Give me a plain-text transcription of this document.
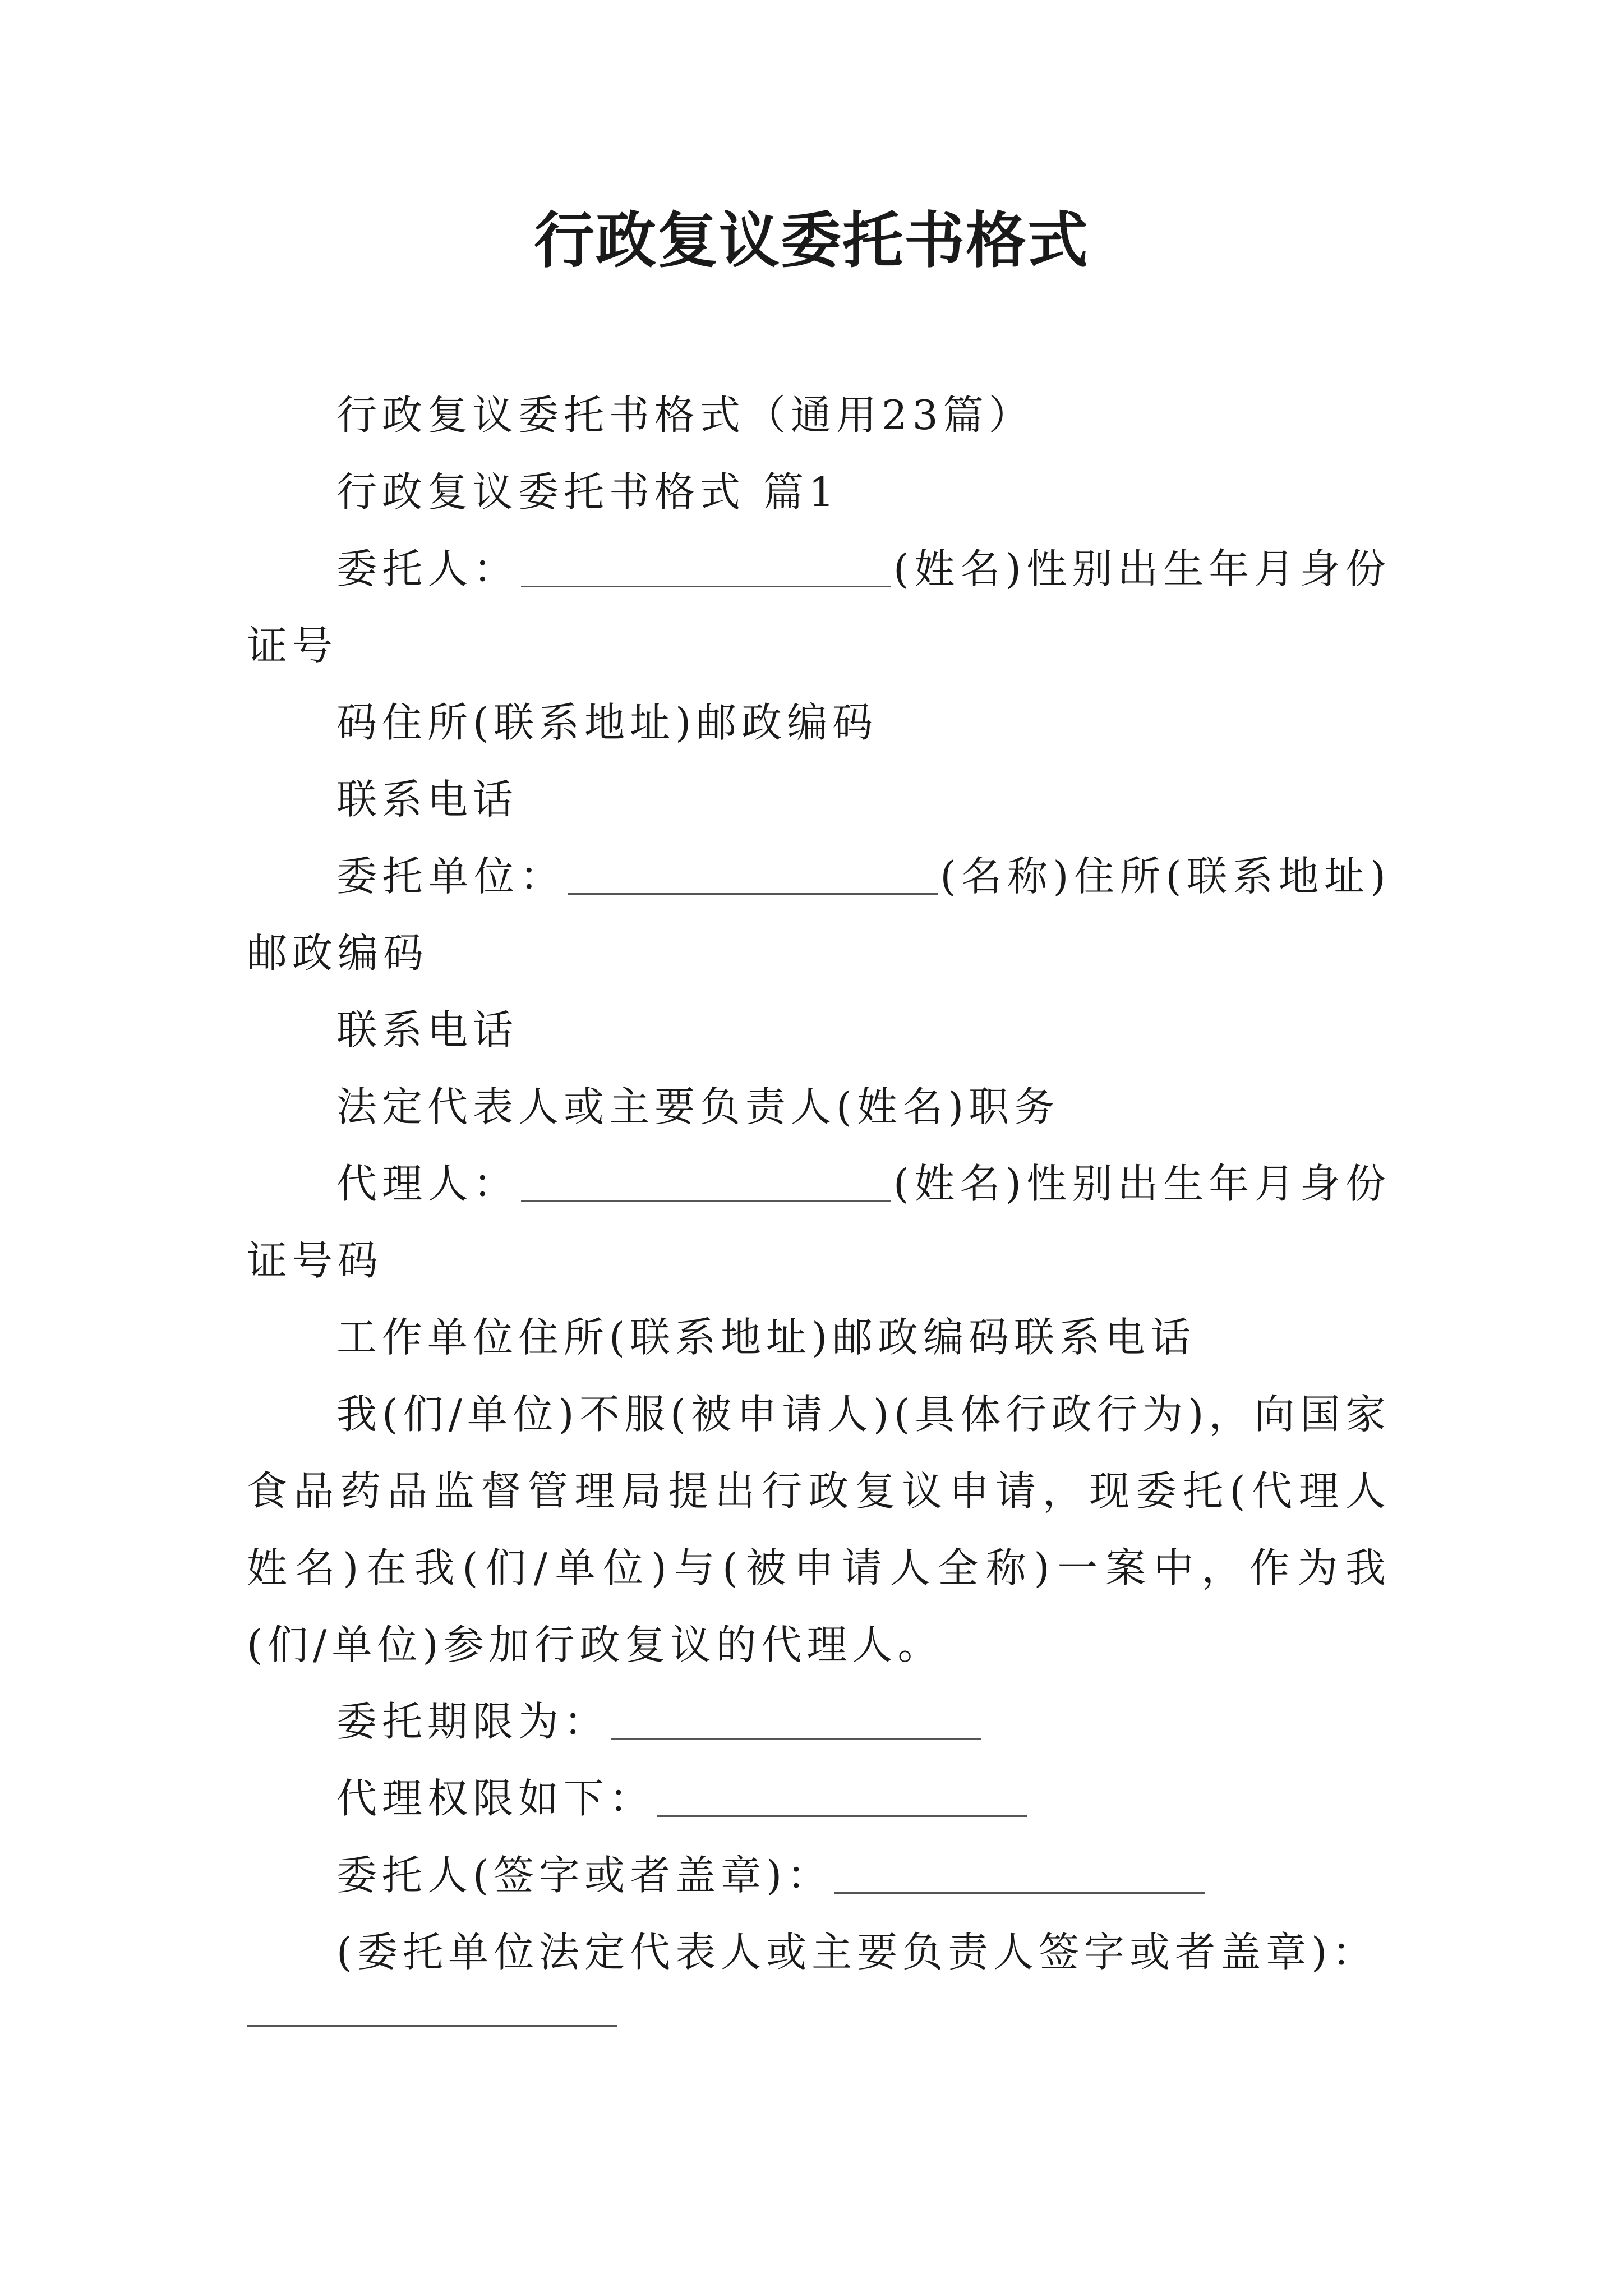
行政复议委托书格式

行政复议委托书格式（通用23篇）

行政复议委托书格式 篇1

委托人：	(姓名)性别出生年月身份证号

码住所(联系地址)邮政编码

联系电话

委托单位：	(名称)住所(联系地址)邮政编码

联系电话

法定代表人或主要负责人(姓名)职务

代理人：	(姓名)性别出生年月身份证号码

工作单位住所(联系地址)邮政编码联系电话

我(们/单位)不服(被申请人)(具体行政行为)，向国家食品药品监督管理局提出行政复议申请，现委托(代理人姓名)在我(们/单位)与(被申请人全称)一案中，作为我(们/单位)参加行政复议的代理人。

委托期限为：

代理权限如下：

委托人(签字或者盖章)：

(委托单位法定代表人或主要负责人签字或者盖章)：
